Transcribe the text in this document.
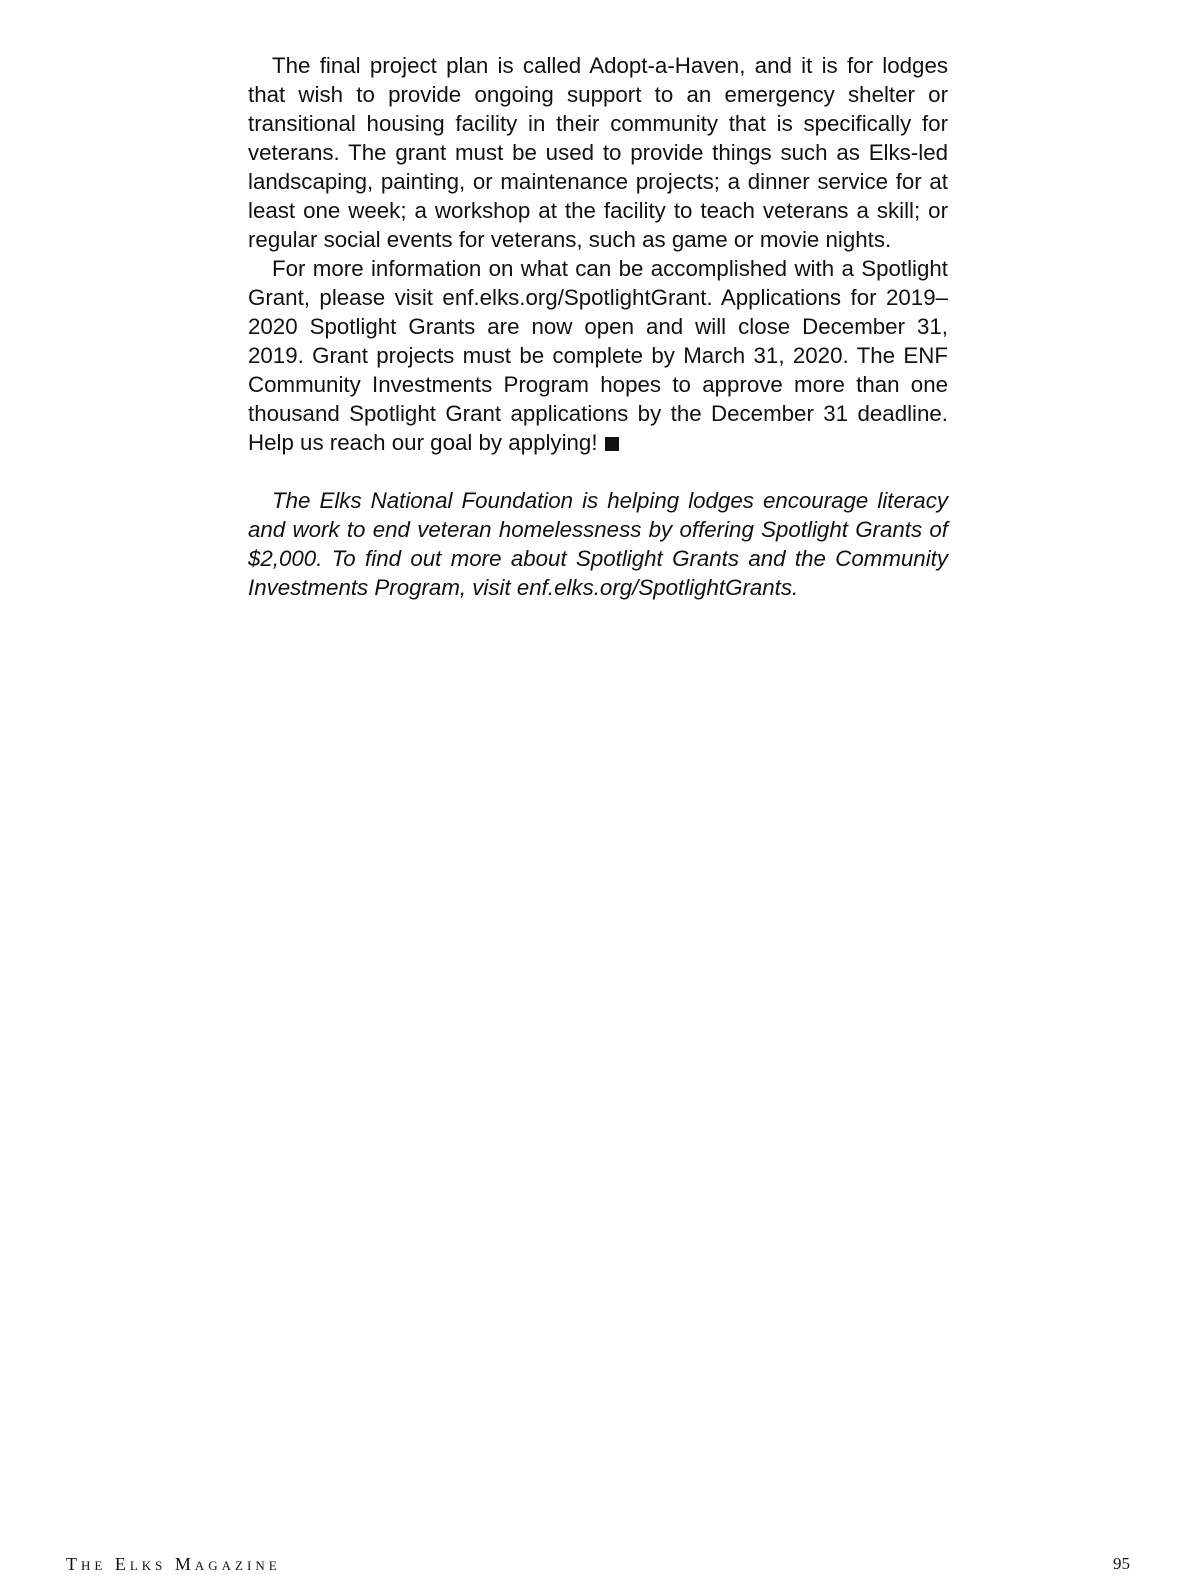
The final project plan is called Adopt-a-Haven, and it is for lodges that wish to provide ongoing support to an emergency shelter or transitional housing facility in their community that is specifically for veterans. The grant must be used to provide things such as Elks-led landscaping, painting, or maintenance projects; a dinner service for at least one week; a workshop at the facility to teach veterans a skill; or regular social events for veterans, such as game or movie nights.

For more information on what can be accomplished with a Spotlight Grant, please visit enf.elks.org/SpotlightGrant. Applications for 2019–2020 Spotlight Grants are now open and will close December 31, 2019. Grant projects must be complete by March 31, 2020. The ENF Community Investments Program hopes to approve more than one thousand Spotlight Grant applications by the December 31 deadline. Help us reach our goal by applying!

The Elks National Foundation is helping lodges encourage literacy and work to end veteran homelessness by offering Spotlight Grants of $2,000. To find out more about Spotlight Grants and the Community Investments Program, visit enf.elks.org/SpotlightGrants.

The Elks Magazine	95
